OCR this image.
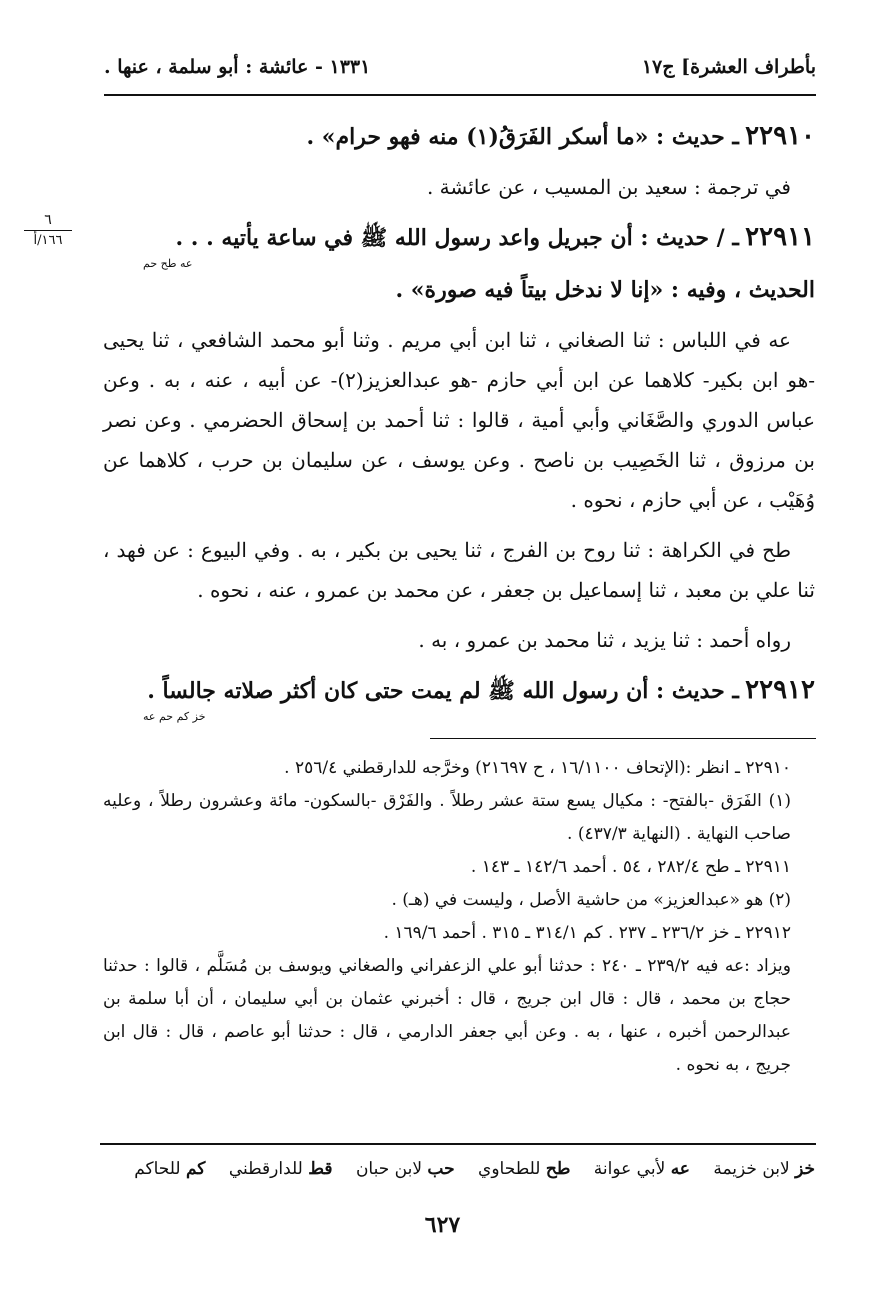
بأطراف العشرة] ج١٧
١٣٣١ - عائشة : أبو سلمة ، عنها .
٦
١٦٦/أ

٢٢٩١٠ ـ حديث : «ما أسكر الفَرَقُ(١) منه فهو حرام» .

في ترجمة : سعيد بن المسيب ، عن عائشة .

٢٢٩١١ ـ / حديث : أن جبريل واعد رسول الله ﷺ في ساعة يأتيه . . .

عه طح حم

الحديث ، وفيه : «إنا لا ندخل بيتاً فيه صورة» .

عه في اللباس : ثنا الصغاني ، ثنا ابن أبي مريم . وثنا أبو محمد الشافعي ، ثنا يحيى -هو ابن بكير- كلاهما عن ابن أبي حازم -هو عبدالعزيز(٢)- عن أبيه ، عنه ، به . وعن عباس الدوري والصَّغَاني وأبي أمية ، قالوا : ثنا أحمد بن إسحاق الحضرمي . وعن نصر بن مرزوق ، ثنا الخَصِيب بن ناصح . وعن يوسف ، عن سليمان بن حرب ، كلاهما عن وُهَيْب ، عن أبي حازم ، نحوه .

طح في الكراهة : ثنا روح بن الفرج ، ثنا يحيى بن بكير ، به . وفي البيوع : عن فهد ، ثنا علي بن معبد ، ثنا إسماعيل بن جعفر ، عن محمد بن عمرو ، عنه ، نحوه .

رواه أحمد : ثنا يزيد ، ثنا محمد بن عمرو ، به .

٢٢٩١٢ ـ حديث : أن رسول الله ﷺ لم يمت حتى كان أكثر صلاته جالساً .

خز كم حم عه

٢٢٩١٠ ـ انظر :(الإتحاف ١٦/١١٠٠ ، ح ٢١٦٩٧) وخرَّجه للدارقطني ٢٥٦/٤ .

(١) الفَرَق -بالفتح- : مكيال يسع ستة عشر رطلاً . والفَرْق -بالسكون- مائة وعشرون رطلاً ، وعليه صاحب النهاية . (النهاية ٤٣٧/٣) .

٢٢٩١١ ـ طح ٢٨٢/٤ ، ٥٤ . أحمد ١٤٢/٦ ـ ١٤٣ .

(٢) هو «عبدالعزيز» من حاشية الأصل ، وليست في (هـ) .

٢٢٩١٢ ـ خز ٢٣٦/٢ ـ ٢٣٧ . كم ٣١٤/١ ـ ٣١٥ . أحمد ١٦٩/٦ .

ويزاد :عه فيه ٢٣٩/٢ ـ ٢٤٠ : حدثنا أبو علي الزعفراني والصغاني ويوسف بن مُسَلَّم ، قالوا : حدثنا حجاج بن محمد ، قال : قال ابن جريج ، قال : أخبرني عثمان بن أبي سليمان ، أن أبا سلمة بن عبدالرحمن أخبره ، عنها ، به . وعن أبي جعفر الدارمي ، قال : حدثنا أبو عاصم ، قال : قال ابن جريج ، به نحوه .

خز لابن خزيمة عه لأبي عوانة طح للطحاوي حب لابن حبان قط للدارقطني كم للحاكم
٦٢٧
